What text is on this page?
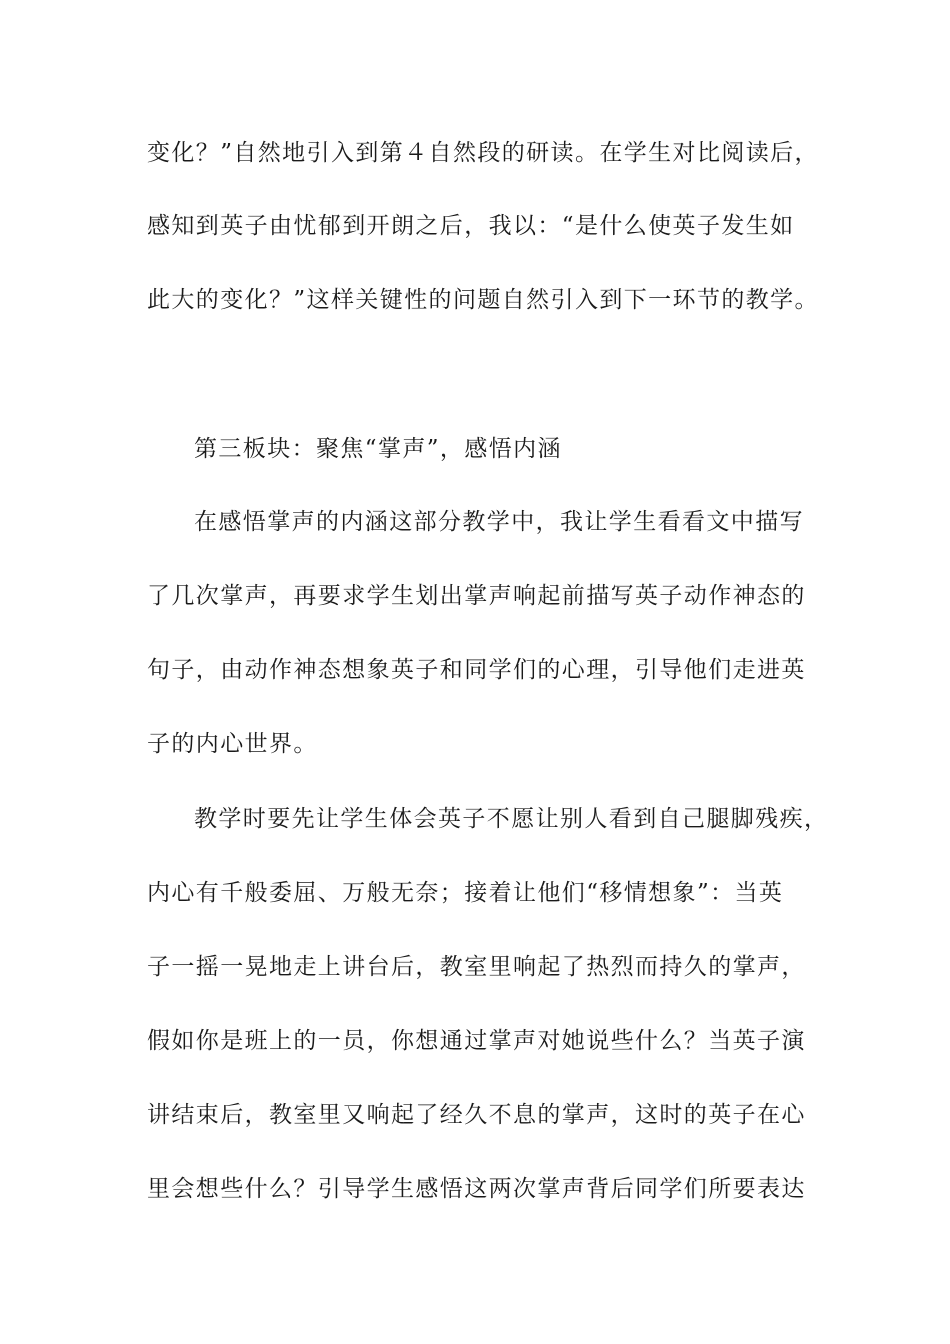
变化？”自然地引入到第４自然段的研读。在学生对比阅读后，
感知到英子由忧郁到开朗之后，我以：“是什么使英子发生如
此大的变化？”这样关键性的问题自然引入到下一环节的教学。
第三板块：聚焦“掌声”，感悟内涵
在感悟掌声的内涵这部分教学中，我让学生看看文中描写
了几次掌声，再要求学生划出掌声响起前描写英子动作神态的
句子，由动作神态想象英子和同学们的心理，引导他们走进英
子的内心世界。
教学时要先让学生体会英子不愿让别人看到自己腿脚残疾，
内心有千般委屈、万般无奈；接着让他们“移情想象”：当英
子一摇一晃地走上讲台后，教室里响起了热烈而持久的掌声，
假如你是班上的一员，你想通过掌声对她说些什么？当英子演
讲结束后，教室里又响起了经久不息的掌声，这时的英子在心
里会想些什么？引导学生感悟这两次掌声背后同学们所要表达
